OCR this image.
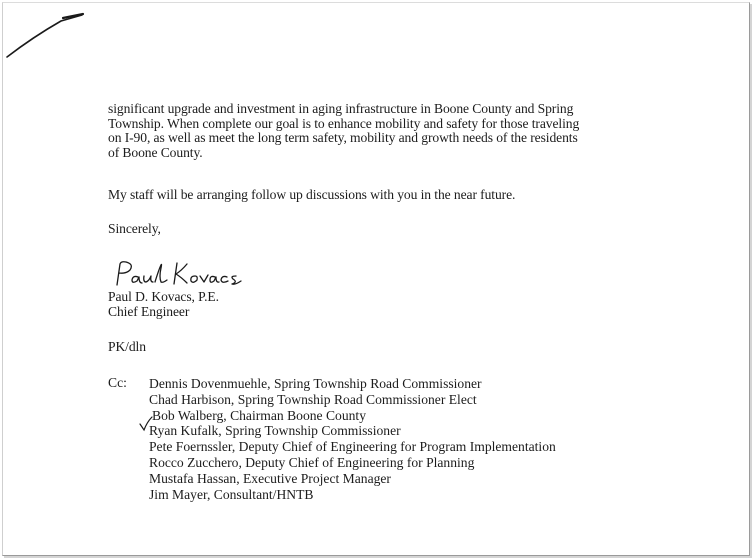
significant upgrade and investment in aging infrastructure in Boone County and Spring
Township. When complete our goal is to enhance mobility and safety for those traveling
on I-90, as well as meet the long term safety, mobility and growth needs of the residents
of Boone County.
My staff will be arranging follow up discussions with you in the near future.
Sincerely,
Paul D. Kovacs, P.E.
Chief Engineer
PK/dln
Cc: Dennis Dovenmuehle, Spring Township Road Commissioner
Chad Harbison, Spring Township Road Commissioner Elect
Bob Walberg, Chairman Boone County
Ryan Kufalk, Spring Township Commissioner
Pete Foernssler, Deputy Chief of Engineering for Program Implementation
Rocco Zucchero, Deputy Chief of Engineering for Planning
Mustafa Hassan, Executive Project Manager
Jim Mayer, Consultant/HNTB
